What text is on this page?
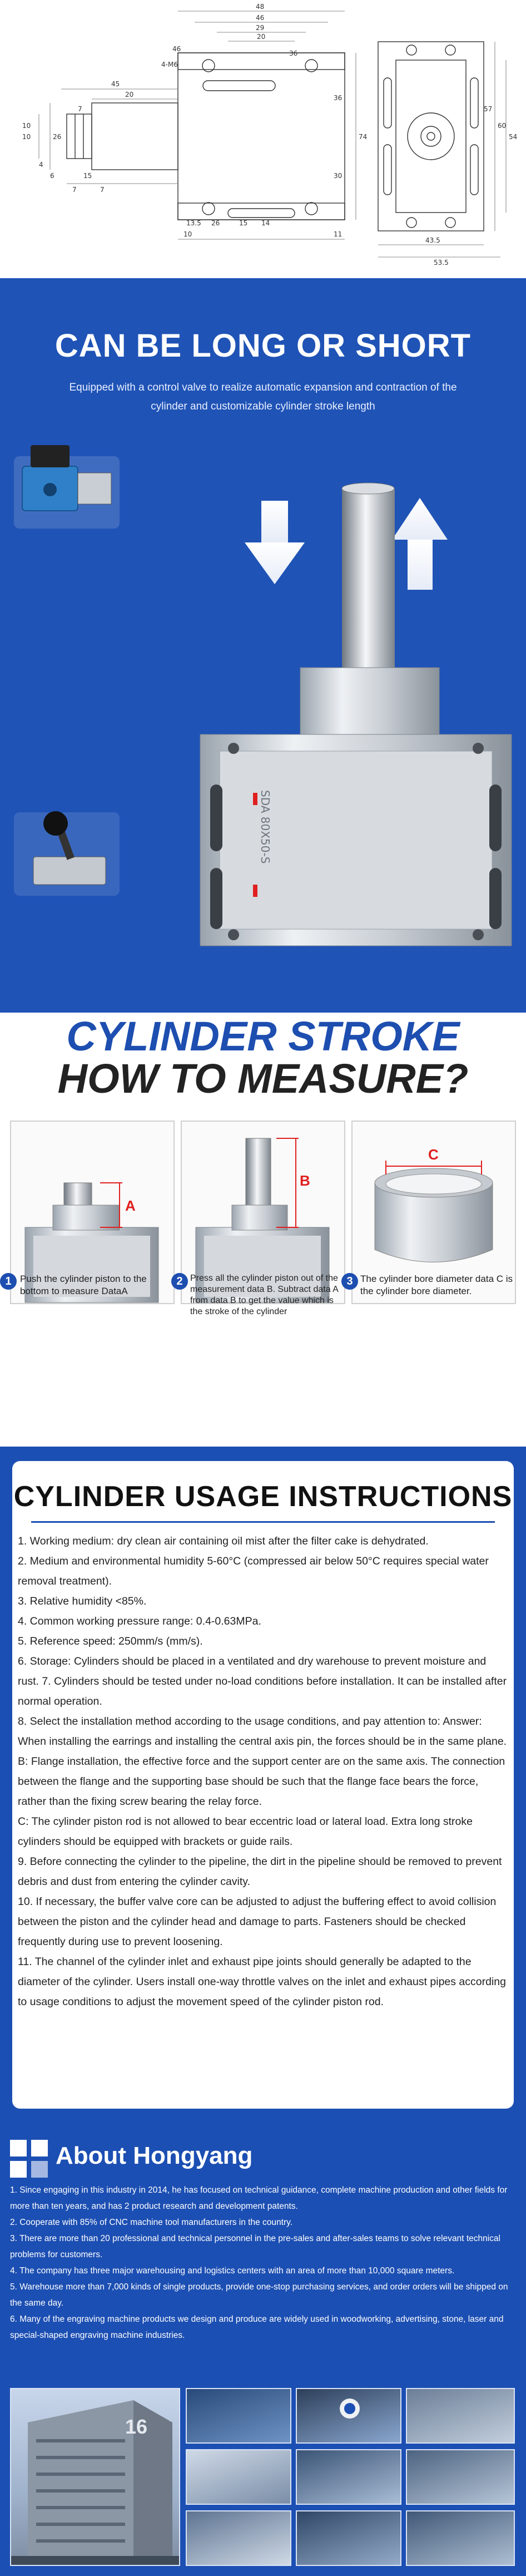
48
46
29
20
36
4-M6
46
45
20
7
10	26
10
4
6	15
7	7
74
36
30
10	11
60
54
57
13.5 26	15 14
43.5
53.5
CAN BE LONG OR SHORT
Equipped with a control valve to realize automatic expansion and contraction of the cylinder and customizable cylinder stroke length
SDA 80X50-S
CYLINDER STROKE
HOW TO MEASURE?
A
1 Push the cylinder piston to the bottom to measure DataA
B
2 Press all the cylinder piston out of the measurement data B. Subtract data A from data B to get the value which is the stroke of the cylinder
C
3 The cylinder bore diameter data C is the cylinder bore diameter.
CYLINDER USAGE INSTRUCTIONS

1. Working medium: dry clean air containing oil mist after the filter cake is dehydrated.

2. Medium and environmental humidity 5-60°C (compressed air below 50°C requires special water removal treatment).

3. Relative humidity <85%.

4. Common working pressure range: 0.4-0.63MPa.

5. Reference speed: 250mm/s (mm/s).

6. Storage: Cylinders should be placed in a ventilated and dry warehouse to prevent moisture and rust. 7. Cylinders should be tested under no-load conditions before installation. It can be installed after normal operation.

8. Select the installation method according to the usage conditions, and pay attention to: Answer: When installing the earrings and installing the central axis pin, the forces should be in the same plane.

B: Flange installation, the effective force and the support center are on the same axis. The connection between the flange and the supporting base should be such that the flange face bears the force, rather than the fixing screw bearing the relay force.

C: The cylinder piston rod is not allowed to bear eccentric load or lateral load. Extra long stroke cylinders should be equipped with brackets or guide rails.

9. Before connecting the cylinder to the pipeline, the dirt in the pipeline should be removed to prevent debris and dust from entering the cylinder cavity.

10. If necessary, the buffer valve core can be adjusted to adjust the buffering effect to avoid collision between the piston and the cylinder head and damage to parts. Fasteners should be checked frequently during use to prevent loosening.

11. The channel of the cylinder inlet and exhaust pipe joints should generally be adapted to the diameter of the cylinder. Users install one-way throttle valves on the inlet and exhaust pipes according to usage conditions to adjust the movement speed of the cylinder piston rod.

About Hongyang

1. Since engaging in this industry in 2014, he has focused on technical guidance, complete machine production and other fields for more than ten years, and has 2 product research and development patents.

2. Cooperate with 85% of CNC machine tool manufacturers in the country.

3. There are more than 20 professional and technical personnel in the pre-sales and after-sales teams to solve relevant technical problems for customers.

4. The company has three major warehousing and logistics centers with an area of more than 10,000 square meters.

5. Warehouse more than 7,000 kinds of single products, provide one-stop purchasing services, and order orders will be shipped on the same day.

6. Many of the engraving machine products we design and produce are widely used in woodworking, advertising, stone, laser and special-shaped engraving machine industries.

16
